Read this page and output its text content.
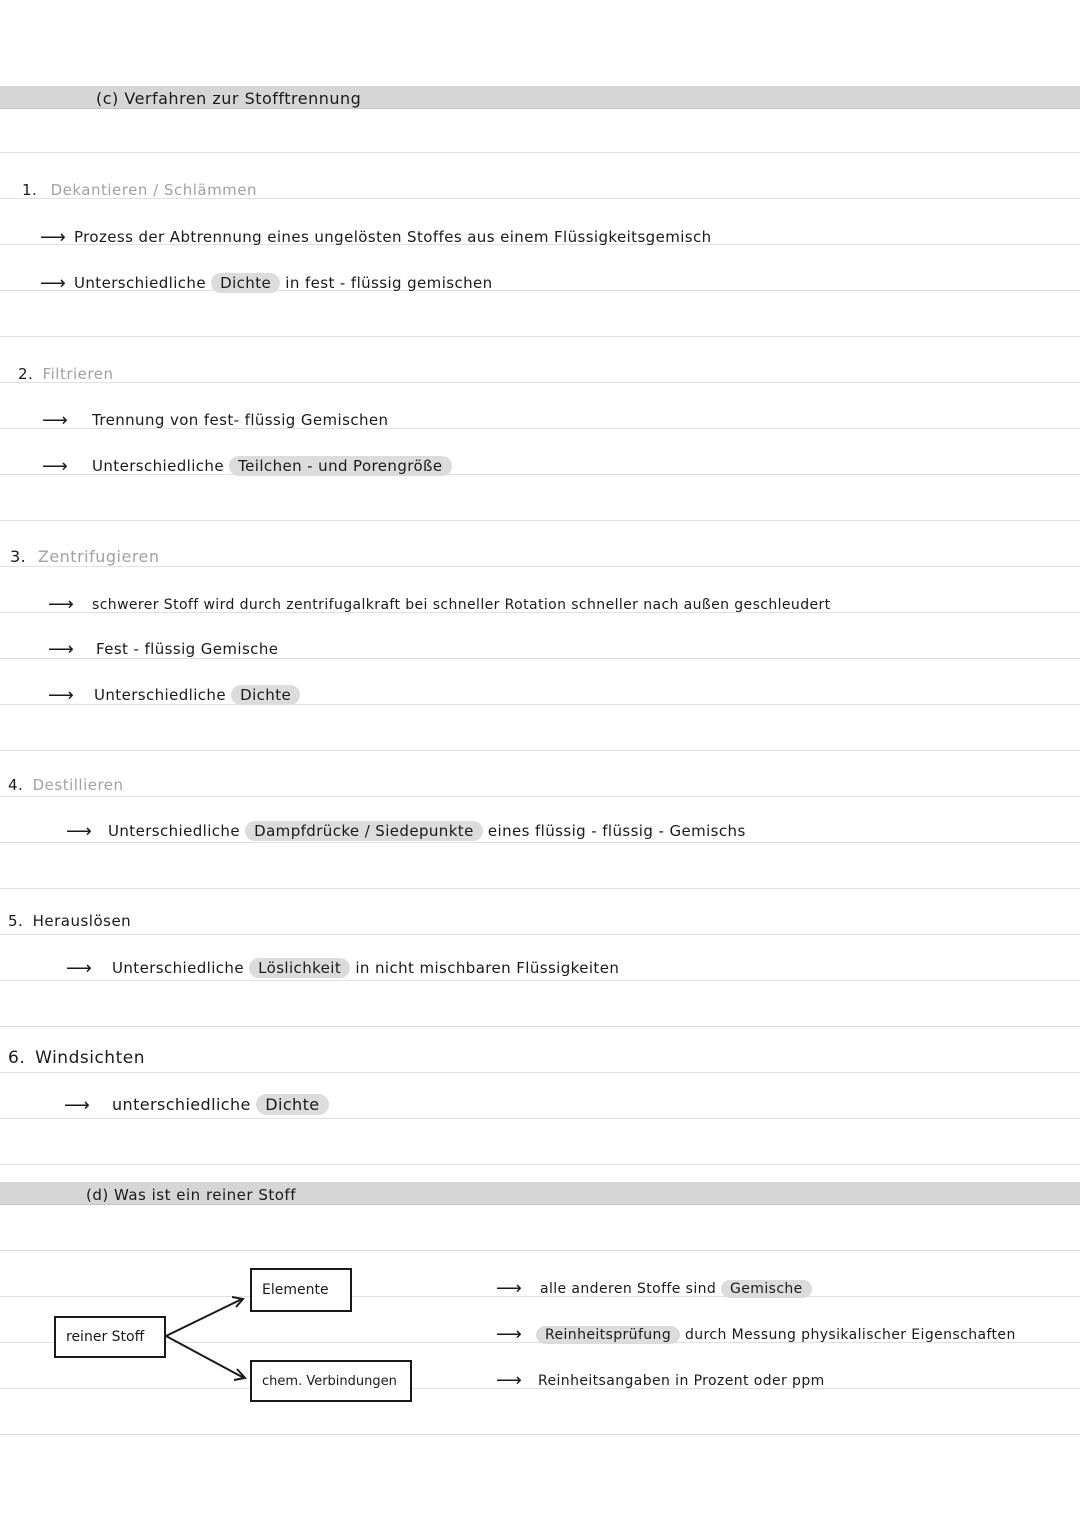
(c) Verfahren zur Stofftrennung
1. Dekantieren / Schlämmen
⟶ Prozess der Abtrennung eines ungelösten Stoffes aus einem Flüssigkeitsgemisch
⟶ Unterschiedliche Dichte in fest - flüssig gemischen
2. Filtrieren
⟶ Trennung von fest- flüssig Gemischen
⟶ Unterschiedliche Teilchen - und Porengröße
3. Zentrifugieren
⟶ schwerer Stoff wird durch zentrifugalkraft bei schneller Rotation schneller nach außen geschleudert
⟶ Fest - flüssig Gemische
⟶ Unterschiedliche Dichte
4. Destillieren
⟶ Unterschiedliche Dampfdrücke / Siedepunkte eines flüssig - flüssig - Gemischs
5. Herauslösen
⟶ Unterschiedliche Löslichkeit in nicht mischbaren Flüssigkeiten
6. Windsichten
⟶ unterschiedliche Dichte
(d) Was ist ein reiner Stoff
reiner Stoff
Elemente
chem. Verbindungen
⟶ alle anderen Stoffe sind Gemische
⟶ Reinheitsprüfung durch Messung physikalischer Eigenschaften
⟶ Reinheitsangaben in Prozent oder ppm
